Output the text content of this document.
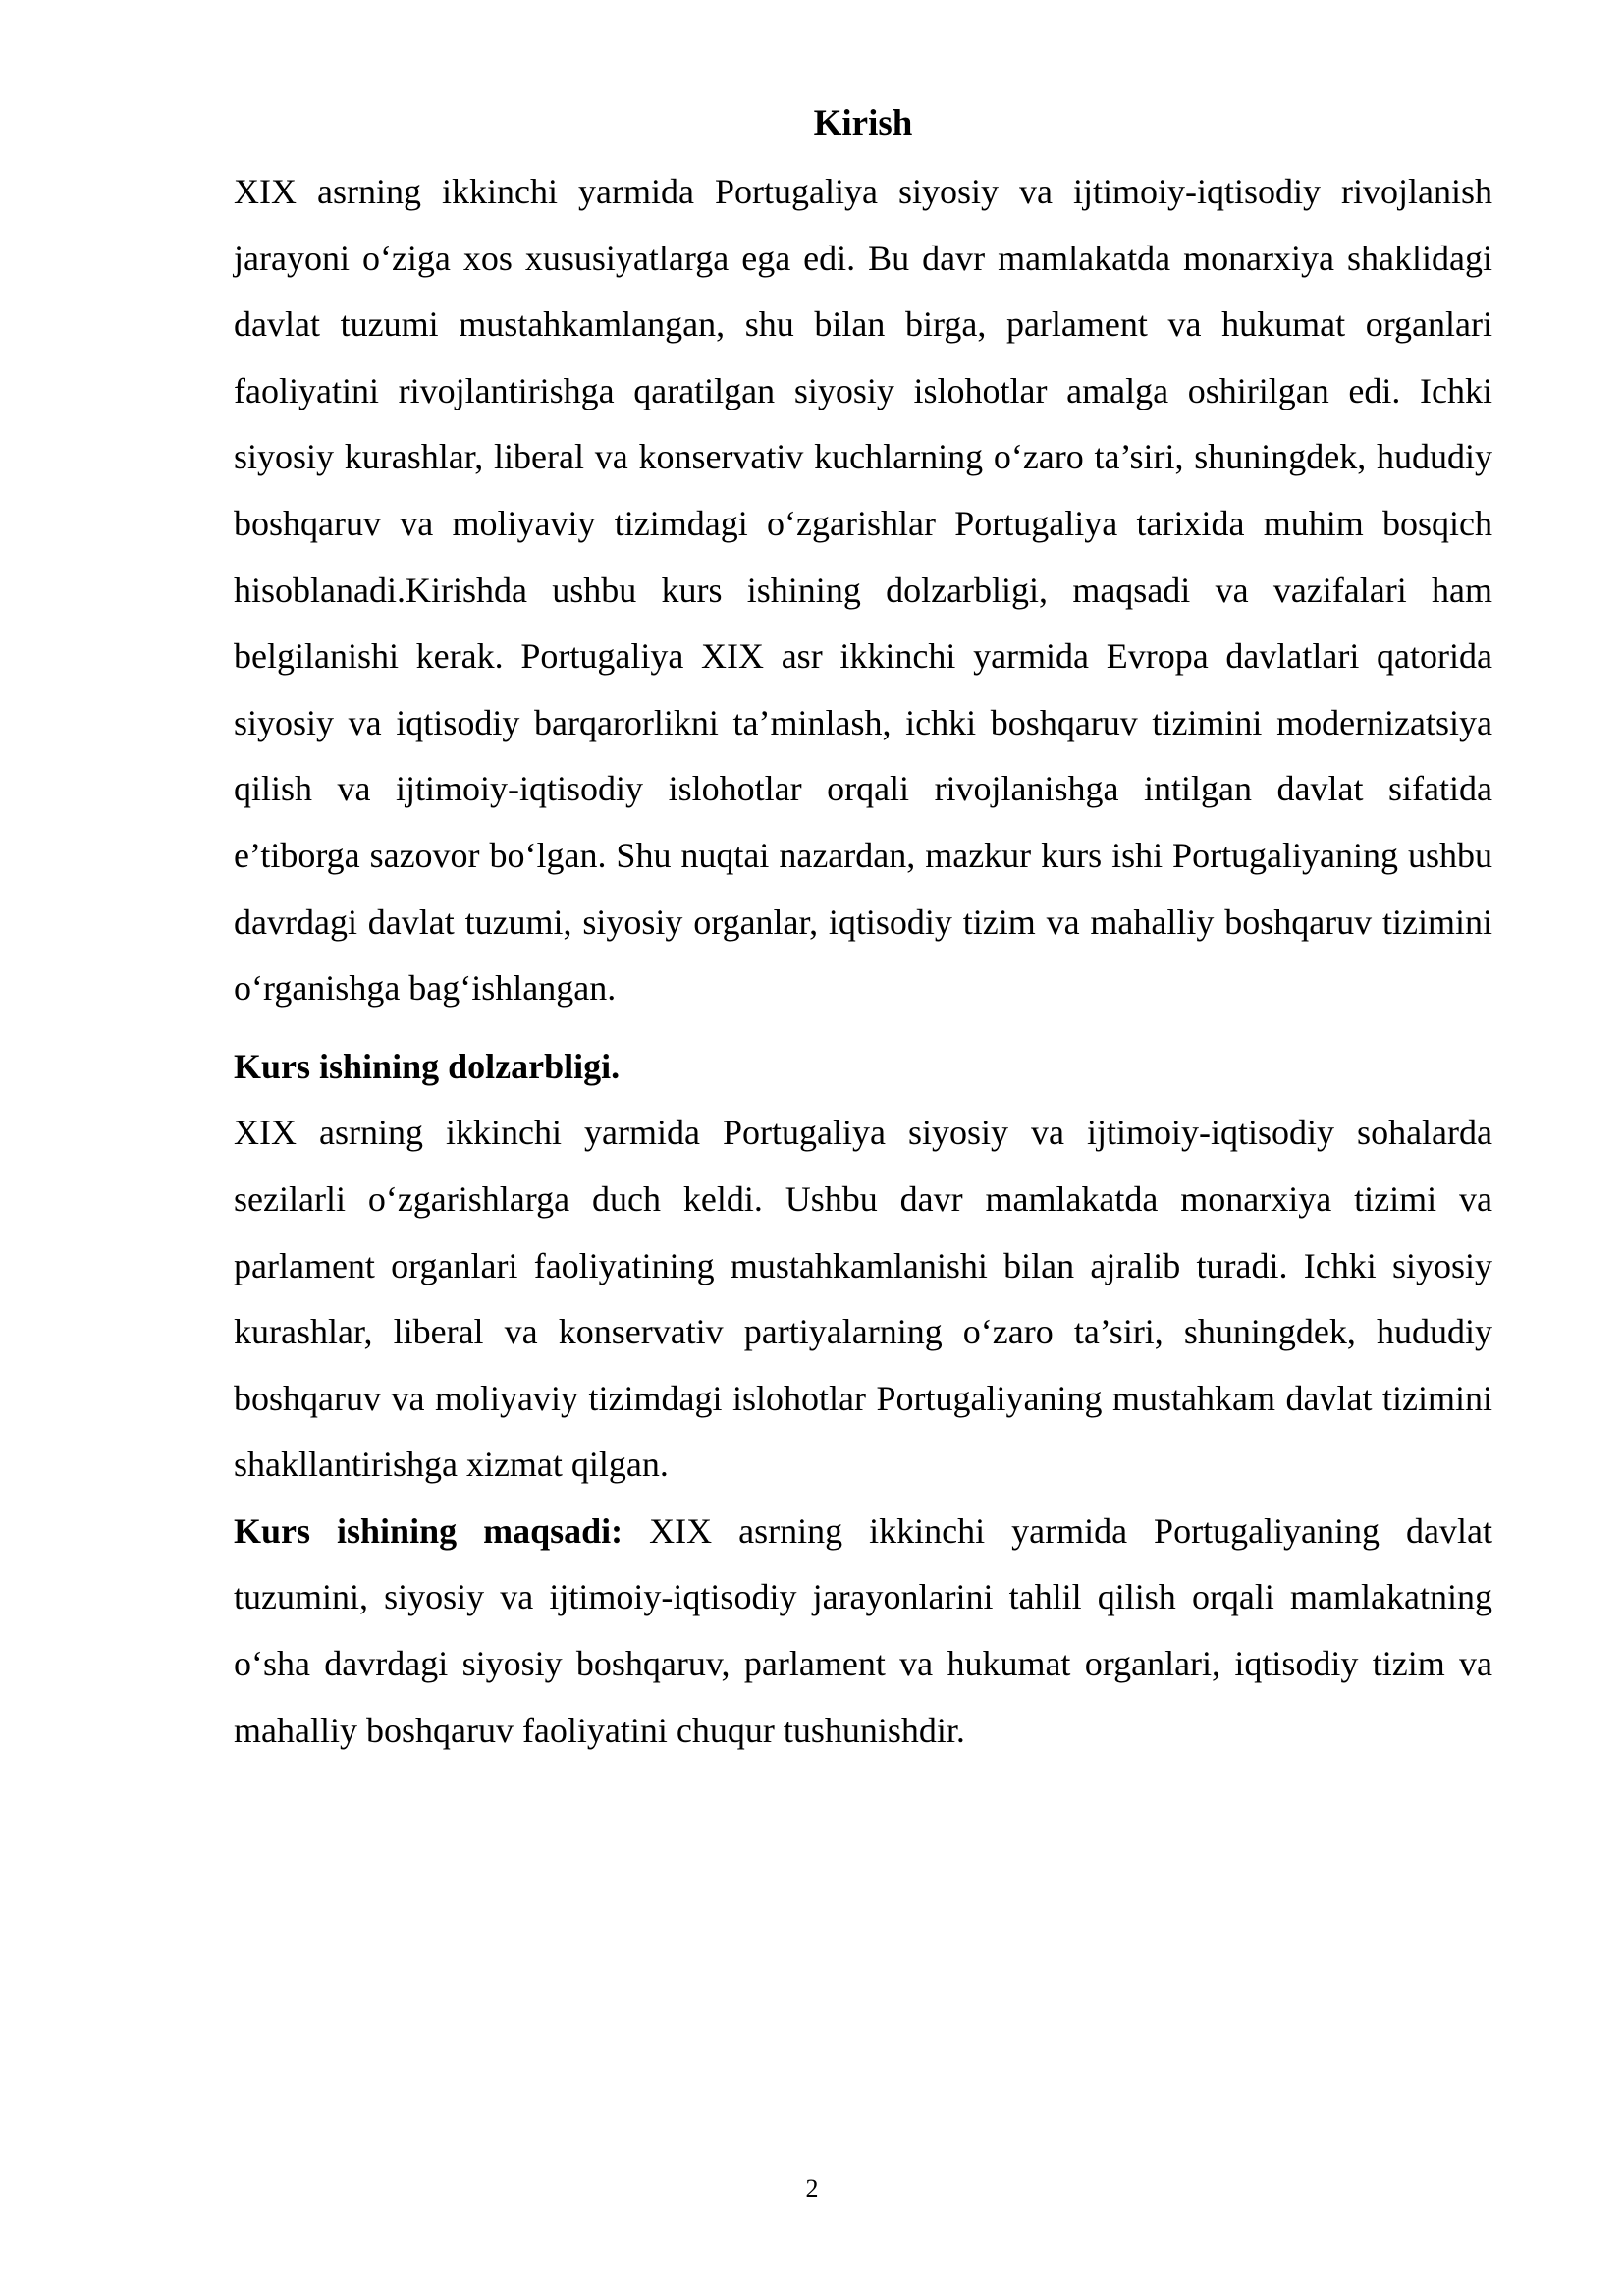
Kirish

XIX asrning ikkinchi yarmida Portugaliya siyosiy va ijtimoiy-iqtisodiy rivojlanish jarayoni o‘ziga xos xususiyatlarga ega edi. Bu davr mamlakatda monarxiya shaklidagi davlat tuzumi mustahkamlangan, shu bilan birga, parlament va hukumat organlari faoliyatini rivojlantirishga qaratilgan siyosiy islohotlar amalga oshirilgan edi. Ichki siyosiy kurashlar, liberal va konservativ kuchlarning o‘zaro ta’siri, shuningdek, hududiy boshqaruv va moliyaviy tizimdagi o‘zgarishlar Portugaliya tarixida muhim bosqich hisoblanadi.Kirishda ushbu kurs ishining dolzarbligi, maqsadi va vazifalari ham belgilanishi kerak. Portugaliya XIX asr ikkinchi yarmida Evropa davlatlari qatorida siyosiy va iqtisodiy barqarorlikni ta’minlash, ichki boshqaruv tizimini modernizatsiya qilish va ijtimoiy-iqtisodiy islohotlar orqali rivojlanishga intilgan davlat sifatida e’tiborga sazovor bo‘lgan. Shu nuqtai nazardan, mazkur kurs ishi Portugaliyaning ushbu davrdagi davlat tuzumi, siyosiy organlar, iqtisodiy tizim va mahalliy boshqaruv tizimini o‘rganishga bag‘ishlangan.

Kurs ishining dolzarbligi.

XIX asrning ikkinchi yarmida Portugaliya siyosiy va ijtimoiy-iqtisodiy sohalarda sezilarli o‘zgarishlarga duch keldi. Ushbu davr mamlakatda monarxiya tizimi va parlament organlari faoliyatining mustahkamlanishi bilan ajralib turadi. Ichki siyosiy kurashlar, liberal va konservativ partiyalarning o‘zaro ta’siri, shuningdek, hududiy boshqaruv va moliyaviy tizimdagi islohotlar Portugaliyaning mustahkam davlat tizimini shakllantirishga xizmat qilgan.

Kurs ishining maqsadi: XIX asrning ikkinchi yarmida Portugaliyaning davlat tuzumini, siyosiy va ijtimoiy-iqtisodiy jarayonlarini tahlil qilish orqali mamlakatning o‘sha davrdagi siyosiy boshqaruv, parlament va hukumat organlari, iqtisodiy tizim va mahalliy boshqaruv faoliyatini chuqur tushunishdir.

2
